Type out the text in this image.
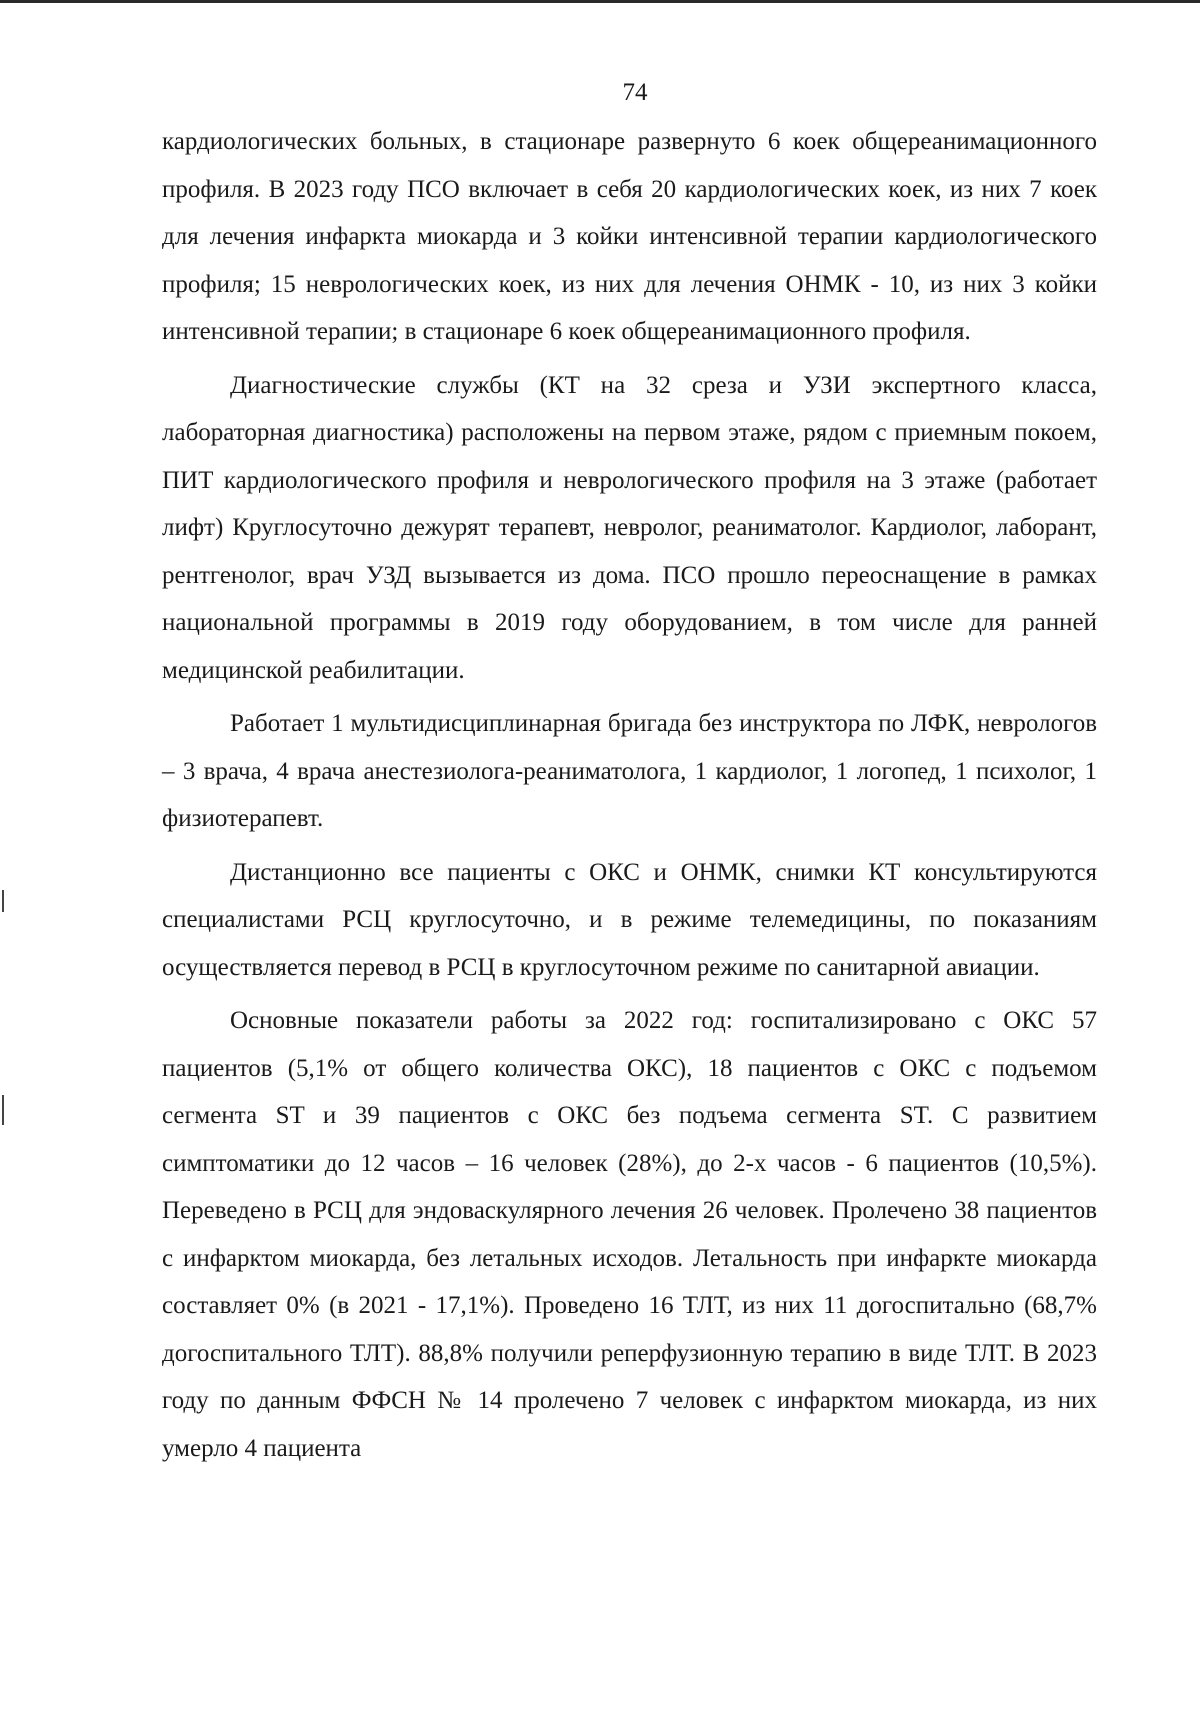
74

кардиологических больных, в стационаре развернуто 6 коек общереанимационного профиля. В 2023 году ПСО включает в себя 20 кардиологических коек, из них 7 коек для лечения инфаркта миокарда и 3 койки интенсивной терапии кардиологического профиля; 15 неврологических коек, из них для лечения ОНМК - 10, из них 3 койки интенсивной терапии; в стационаре 6 коек общереанимационного профиля.

Диагностические службы (КТ на 32 среза и УЗИ экспертного класса, лабораторная диагностика) расположены на первом этаже, рядом с приемным покоем, ПИТ кардиологического профиля и неврологического профиля на 3 этаже (работает лифт) Круглосуточно дежурят терапевт, невролог, реаниматолог. Кардиолог, лаборант, рентгенолог, врач УЗД вызывается из дома. ПСО прошло переоснащение в рамках национальной программы в 2019 году оборудованием, в том числе для ранней медицинской реабилитации.

Работает 1 мультидисциплинарная бригада без инструктора по ЛФК, неврологов – 3 врача, 4 врача анестезиолога-реаниматолога, 1 кардиолог, 1 логопед, 1 психолог, 1 физиотерапевт.

Дистанционно все пациенты с ОКС и ОНМК, снимки КТ консультируются специалистами РСЦ круглосуточно, и в режиме телемедицины, по показаниям осуществляется перевод в РСЦ в круглосуточном режиме по санитарной авиации.

Основные показатели работы за 2022 год: госпитализировано с ОКС 57 пациентов (5,1% от общего количества ОКС), 18 пациентов с ОКС с подъемом сегмента ST и 39 пациентов с ОКС без подъема сегмента ST. С развитием симптоматики до 12 часов – 16 человек (28%), до 2-х часов - 6 пациентов (10,5%). Переведено в РСЦ для эндоваскулярного лечения 26 человек. Пролечено 38 пациентов с инфарктом миокарда, без летальных исходов. Летальность при инфаркте миокарда составляет 0% (в 2021 - 17,1%). Проведено 16 ТЛТ, из них 11 догоспитально (68,7% догоспитального ТЛТ). 88,8% получили реперфузионную терапию в виде ТЛТ. В 2023 году по данным ФФСН № 14 пролечено 7 человек с инфарктом миокарда, из них умерло 4 пациента
